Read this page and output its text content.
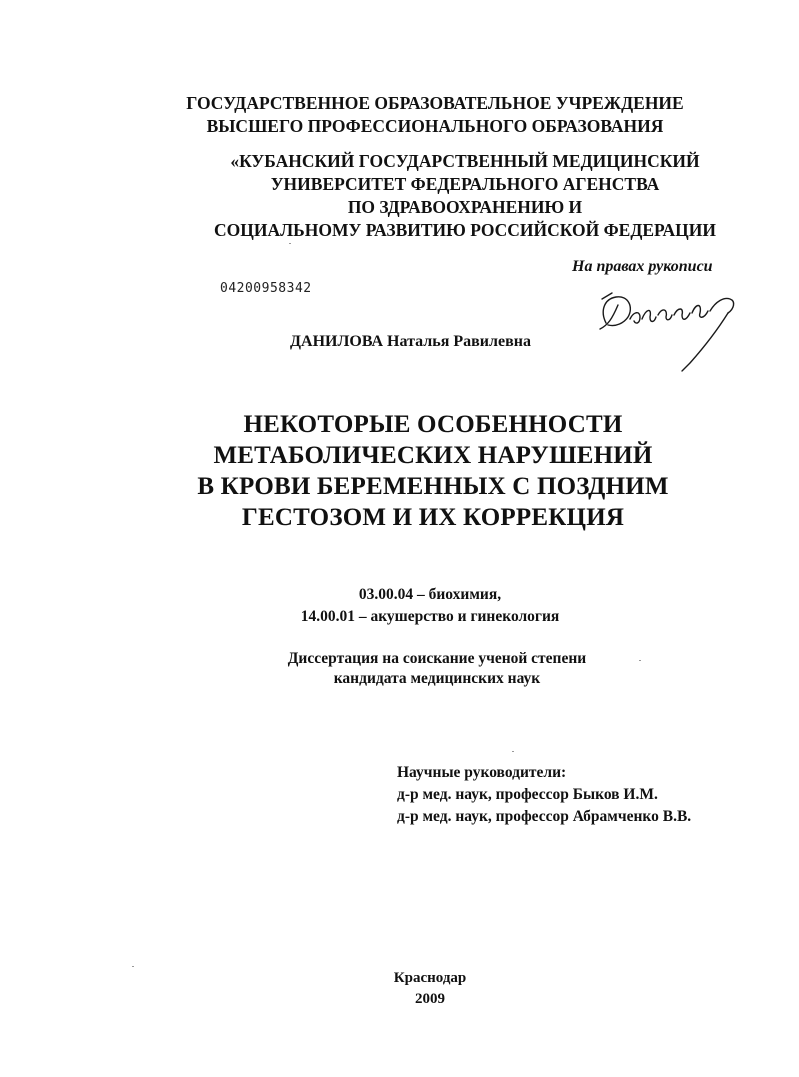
ГОСУДАРСТВЕННОЕ ОБРАЗОВАТЕЛЬНОЕ УЧРЕЖДЕНИЕ
ВЫСШЕГО ПРОФЕССИОНАЛЬНОГО ОБРАЗОВАНИЯ
«КУБАНСКИЙ ГОСУДАРСТВЕННЫЙ МЕДИЦИНСКИЙ
УНИВЕРСИТЕТ ФЕДЕРАЛЬНОГО АГЕНСТВА
ПО ЗДРАВООХРАНЕНИЮ И
СОЦИАЛЬНОМУ РАЗВИТИЮ РОССИЙСКОЙ ФЕДЕРАЦИИ
На правах рукописи
04200958342
ДАНИЛОВА Наталья Равилевна
НЕКОТОРЫЕ ОСОБЕННОСТИ
МЕТАБОЛИЧЕСКИХ НАРУШЕНИЙ
В КРОВИ БЕРЕМЕННЫХ С ПОЗДНИМ
ГЕСТОЗОМ И ИХ КОРРЕКЦИЯ
03.00.04 – биохимия,
14.00.01 – акушерство и гинекология
Диссертация на соискание ученой степени
кандидата медицинских наук
Научные руководители:
д-р мед. наук, профессор Быков И.М.
д-р мед. наук, профессор Абрамченко В.В.
Краснодар
2009
